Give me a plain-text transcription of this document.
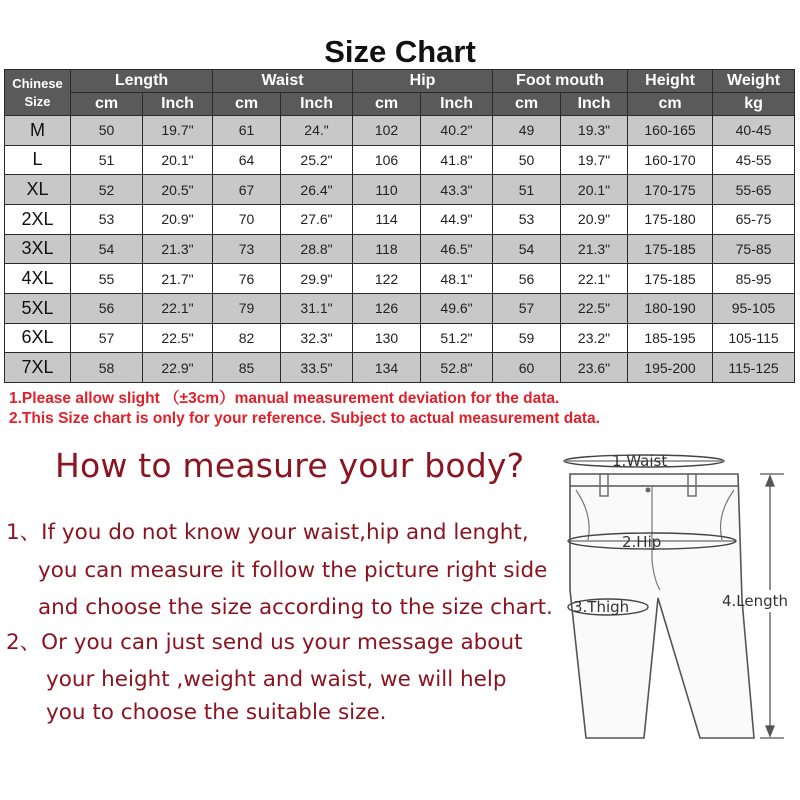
Size Chart
Chinese
Size	Length		Waist		Hip		Foot mouth		Height	Weight
	cm	Inch	cm	Inch	cm	Inch	cm	Inch	cm	kg
M	50	19.7"	61	24."	102	40.2"	49	19.3"	160-165	40-45
L	51	20.1"	64	25.2"	106	41.8"	50	19.7"	160-170	45-55
XL	52	20.5"	67	26.4"	110	43.3"	51	20.1"	170-175	55-65
2XL	53	20.9"	70	27.6"	114	44.9"	53	20.9"	175-180	65-75
3XL	54	21.3"	73	28.8"	118	46.5"	54	21.3"	175-185	75-85
4XL	55	21.7"	76	29.9"	122	48.1"	56	22.1"	175-185	85-95
5XL	56	22.1"	79	31.1"	126	49.6"	57	22.5"	180-190	95-105
6XL	57	22.5"	82	32.3"	130	51.2"	59	23.2"	185-195	105-115
7XL	58	22.9"	85	33.5"	134	52.8"	60	23.6"	195-200	115-125
1.Please allow slight （±3cm）manual measurement deviation for the data.
2.This Size chart is only for your reference. Subject to actual measurement data.
How to measure your body?
1、If you do not know your waist,hip and lenght,
you can measure it follow the picture right side
and choose the size according to the size chart.
2、Or you can just send us your message about
your height ,weight and waist, we will help
you to choose the suitable size.
1.Waist
2.Hip
3.Thigh	4.Length
